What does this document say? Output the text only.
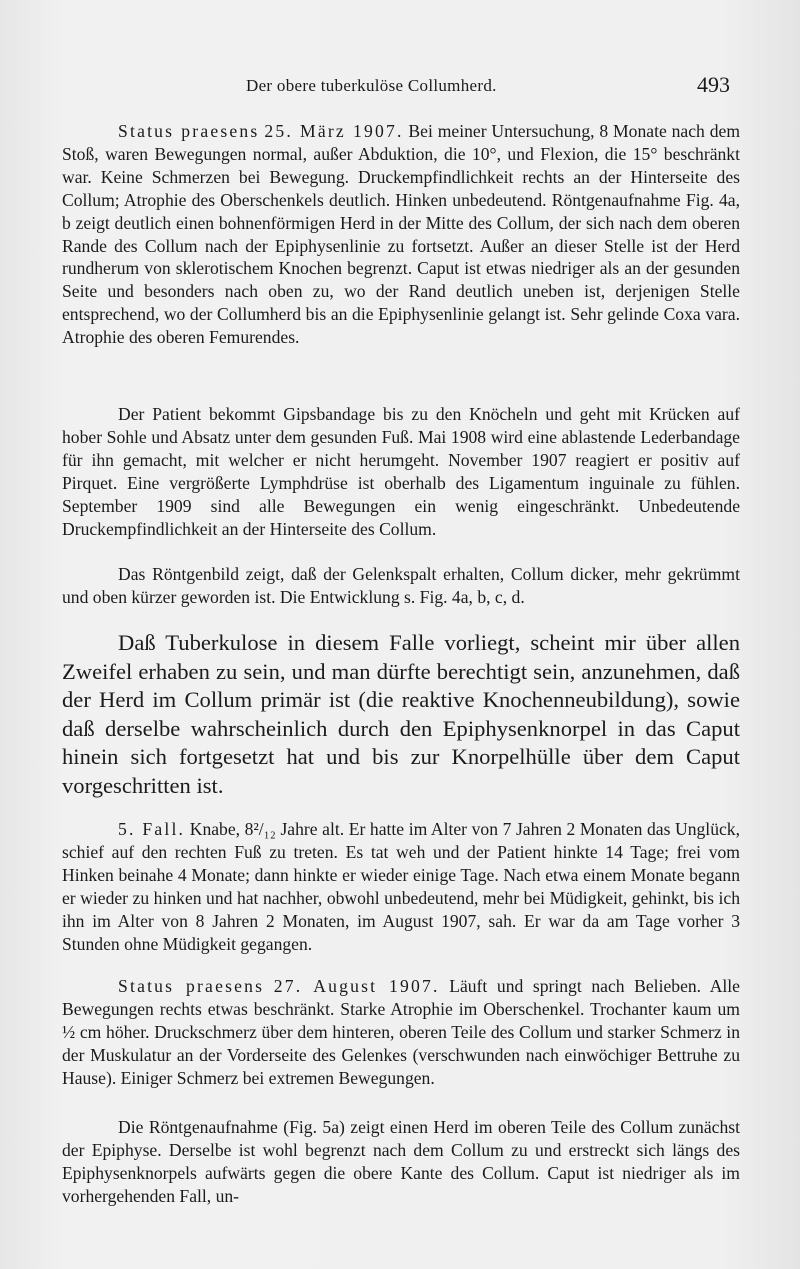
Der obere tuberkulöse Collumherd.	493

Status praesens 25. März 1907. Bei meiner Untersuchung, 8 Monate nach dem Stoß, waren Bewegungen normal, außer Abduktion, die 10°, und Flexion, die 15° beschränkt war. Keine Schmerzen bei Bewegung. Druckempfindlichkeit rechts an der Hinterseite des Collum; Atrophie des Oberschenkels deutlich. Hinken unbedeutend. Röntgenaufnahme Fig. 4a, b zeigt deutlich einen bohnenförmigen Herd in der Mitte des Collum, der sich nach dem oberen Rande des Collum nach der Epiphysenlinie zu fortsetzt. Außer an dieser Stelle ist der Herd rundherum von sklerotischem Knochen begrenzt. Caput ist etwas niedriger als an der gesunden Seite und besonders nach oben zu, wo der Rand deutlich uneben ist, derjenigen Stelle entsprechend, wo der Collumherd bis an die Epiphysenlinie gelangt ist. Sehr gelinde Coxa vara. Atrophie des oberen Femurendes.

Der Patient bekommt Gipsbandage bis zu den Knöcheln und geht mit Krücken auf hober Sohle und Absatz unter dem gesunden Fuß. Mai 1908 wird eine ablastende Lederbandage für ihn gemacht, mit welcher er nicht herumgeht. November 1907 reagiert er positiv auf Pirquet. Eine vergrößerte Lymphdrüse ist oberhalb des Ligamentum inguinale zu fühlen. September 1909 sind alle Bewegungen ein wenig eingeschränkt. Unbedeutende Druckempfindlichkeit an der Hinterseite des Collum.

Das Röntgenbild zeigt, daß der Gelenkspalt erhalten, Collum dicker, mehr gekrümmt und oben kürzer geworden ist. Die Entwicklung s. Fig. 4a, b, c, d.

Daß Tuberkulose in diesem Falle vorliegt, scheint mir über allen Zweifel erhaben zu sein, und man dürfte berechtigt sein, anzunehmen, daß der Herd im Collum primär ist (die reaktive Knochenneubildung), sowie daß derselbe wahrscheinlich durch den Epiphysenknorpel in das Caput hinein sich fortgesetzt hat und bis zur Knorpelhülle über dem Caput vorgeschritten ist.

5. Fall. Knabe, 8²/₁₂ Jahre alt. Er hatte im Alter von 7 Jahren 2 Monaten das Unglück, schief auf den rechten Fuß zu treten. Es tat weh und der Patient hinkte 14 Tage; frei vom Hinken beinahe 4 Monate; dann hinkte er wieder einige Tage. Nach etwa einem Monate begann er wieder zu hinken und hat nachher, obwohl unbedeutend, mehr bei Müdigkeit, gehinkt, bis ich ihn im Alter von 8 Jahren 2 Monaten, im August 1907, sah. Er war da am Tage vorher 3 Stunden ohne Müdigkeit gegangen.

Status praesens 27. August 1907. Läuft und springt nach Belieben. Alle Bewegungen rechts etwas beschränkt. Starke Atrophie im Oberschenkel. Trochanter kaum um ½ cm höher. Druckschmerz über dem hinteren, oberen Teile des Collum und starker Schmerz in der Muskulatur an der Vorderseite des Gelenkes (verschwunden nach einwöchiger Bettruhe zu Hause). Einiger Schmerz bei extremen Bewegungen.

Die Röntgenaufnahme (Fig. 5a) zeigt einen Herd im oberen Teile des Collum zunächst der Epiphyse. Derselbe ist wohl begrenzt nach dem Collum zu und erstreckt sich längs des Epiphysenknorpels aufwärts gegen die obere Kante des Collum. Caput ist niedriger als im vorhergehenden Fall, un-
